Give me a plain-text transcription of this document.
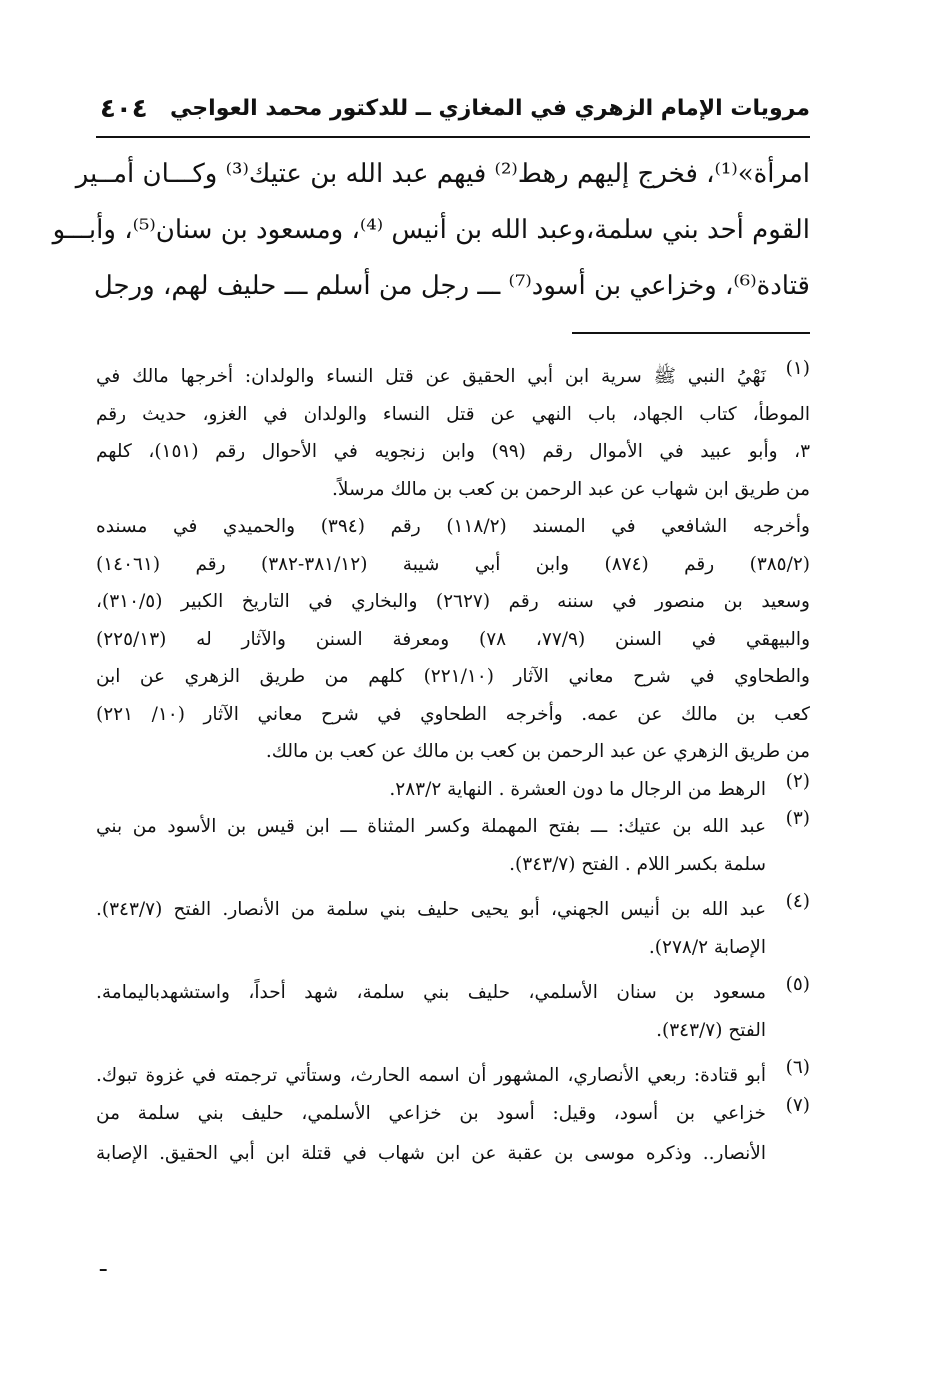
مرويات الإمام الزهري في المغازي ــ للدكتور محمد العواجي
٤٠٤
امرأة»⁽¹⁾، فخرج إليهم رهط⁽²⁾ فيهم عبد الله بن عتيك⁽³⁾ وكـــان أمــير
القوم أحد بني سلمة،وعبد الله بن أنيس ⁽⁴⁾، ومسعود بن سنان⁽⁵⁾، وأبـــو
قتادة⁽⁶⁾، وخزاعي بن أسود⁽⁷⁾ ـــ رجل من أسلم ـــ حليف لهم، ورجل
(١)
نَهْيُ النبي ﷺ سرية ابن أبي الحقيق عن قتل النساء والولدان: أخرجها مالك في
الموطأ، كتاب الجهاد، باب النهي عن قتل النساء والولدان في الغزو، حديث رقم
٣، وأبو عبيد في الأموال رقم (٩٩) وابن زنجويه في الأحوال رقم (١٥١)، كلهم
من طريق ابن شهاب عن عبد الرحمن بن كعب بن مالك مرسلاً.
وأخرجه الشافعي في المسند (١١٨/٢) رقم (٣٩٤) والحميدي في مسنده
(٣٨٥/٢) رقم (٨٧٤) وابن أبي شيبة (٣٨١/١٢-٣٨٢) رقم (١٤٠٦١)
وسعيد بن منصور في سننه رقم (٢٦٢٧) والبخاري في التاريخ الكبير (٣١٠/٥)،
والبيهقي في السنن (٧٧/٩، ٧٨) ومعرفة السنن والآثار له (٢٢٥/١٣)
والطحاوي في شرح معاني الآثار (٢٢١/١٠) كلهم من طريق الزهري عن ابن
كعب بن مالك عن عمه. وأخرجه الطحاوي في شرح معاني الآثار (١٠/ ٢٢١)
من طريق الزهري عن عبد الرحمن بن كعب بن مالك عن كعب بن مالك.
(٢)
الرهط من الرجال ما دون العشرة . النهاية ٢٨٣/٢.
(٣)
عبد الله بن عتيك: ـــ بفتح المهملة وكسر المثناة ـــ ابن قيس بن الأسود من بني
سلمة بكسر اللام . الفتح (٣٤٣/٧).
(٤)
عبد الله بن أنيس الجهني، أبو يحيى حليف بني سلمة من الأنصار. الفتح (٣٤٣/٧).
الإصابة ٢٧٨/٢).
(٥)
مسعود بن سنان الأسلمي، حليف بني سلمة، شهد أحداً، واستشهدباليمامة.
الفتح (٣٤٣/٧).
(٦)
أبو قتادة: ربعي الأنصاري، المشهور أن اسمه الحارث، وستأتي ترجمته في غزوة تبوك.
(٧)
خزاعي بن أسود، وقيل: أسود بن خزاعي الأسلمي، حليف بني سلمة من
الأنصار.. وذكره موسى بن عقبة عن ابن شهاب في قتلة ابن أبي الحقيق. الإصابة
ـ
